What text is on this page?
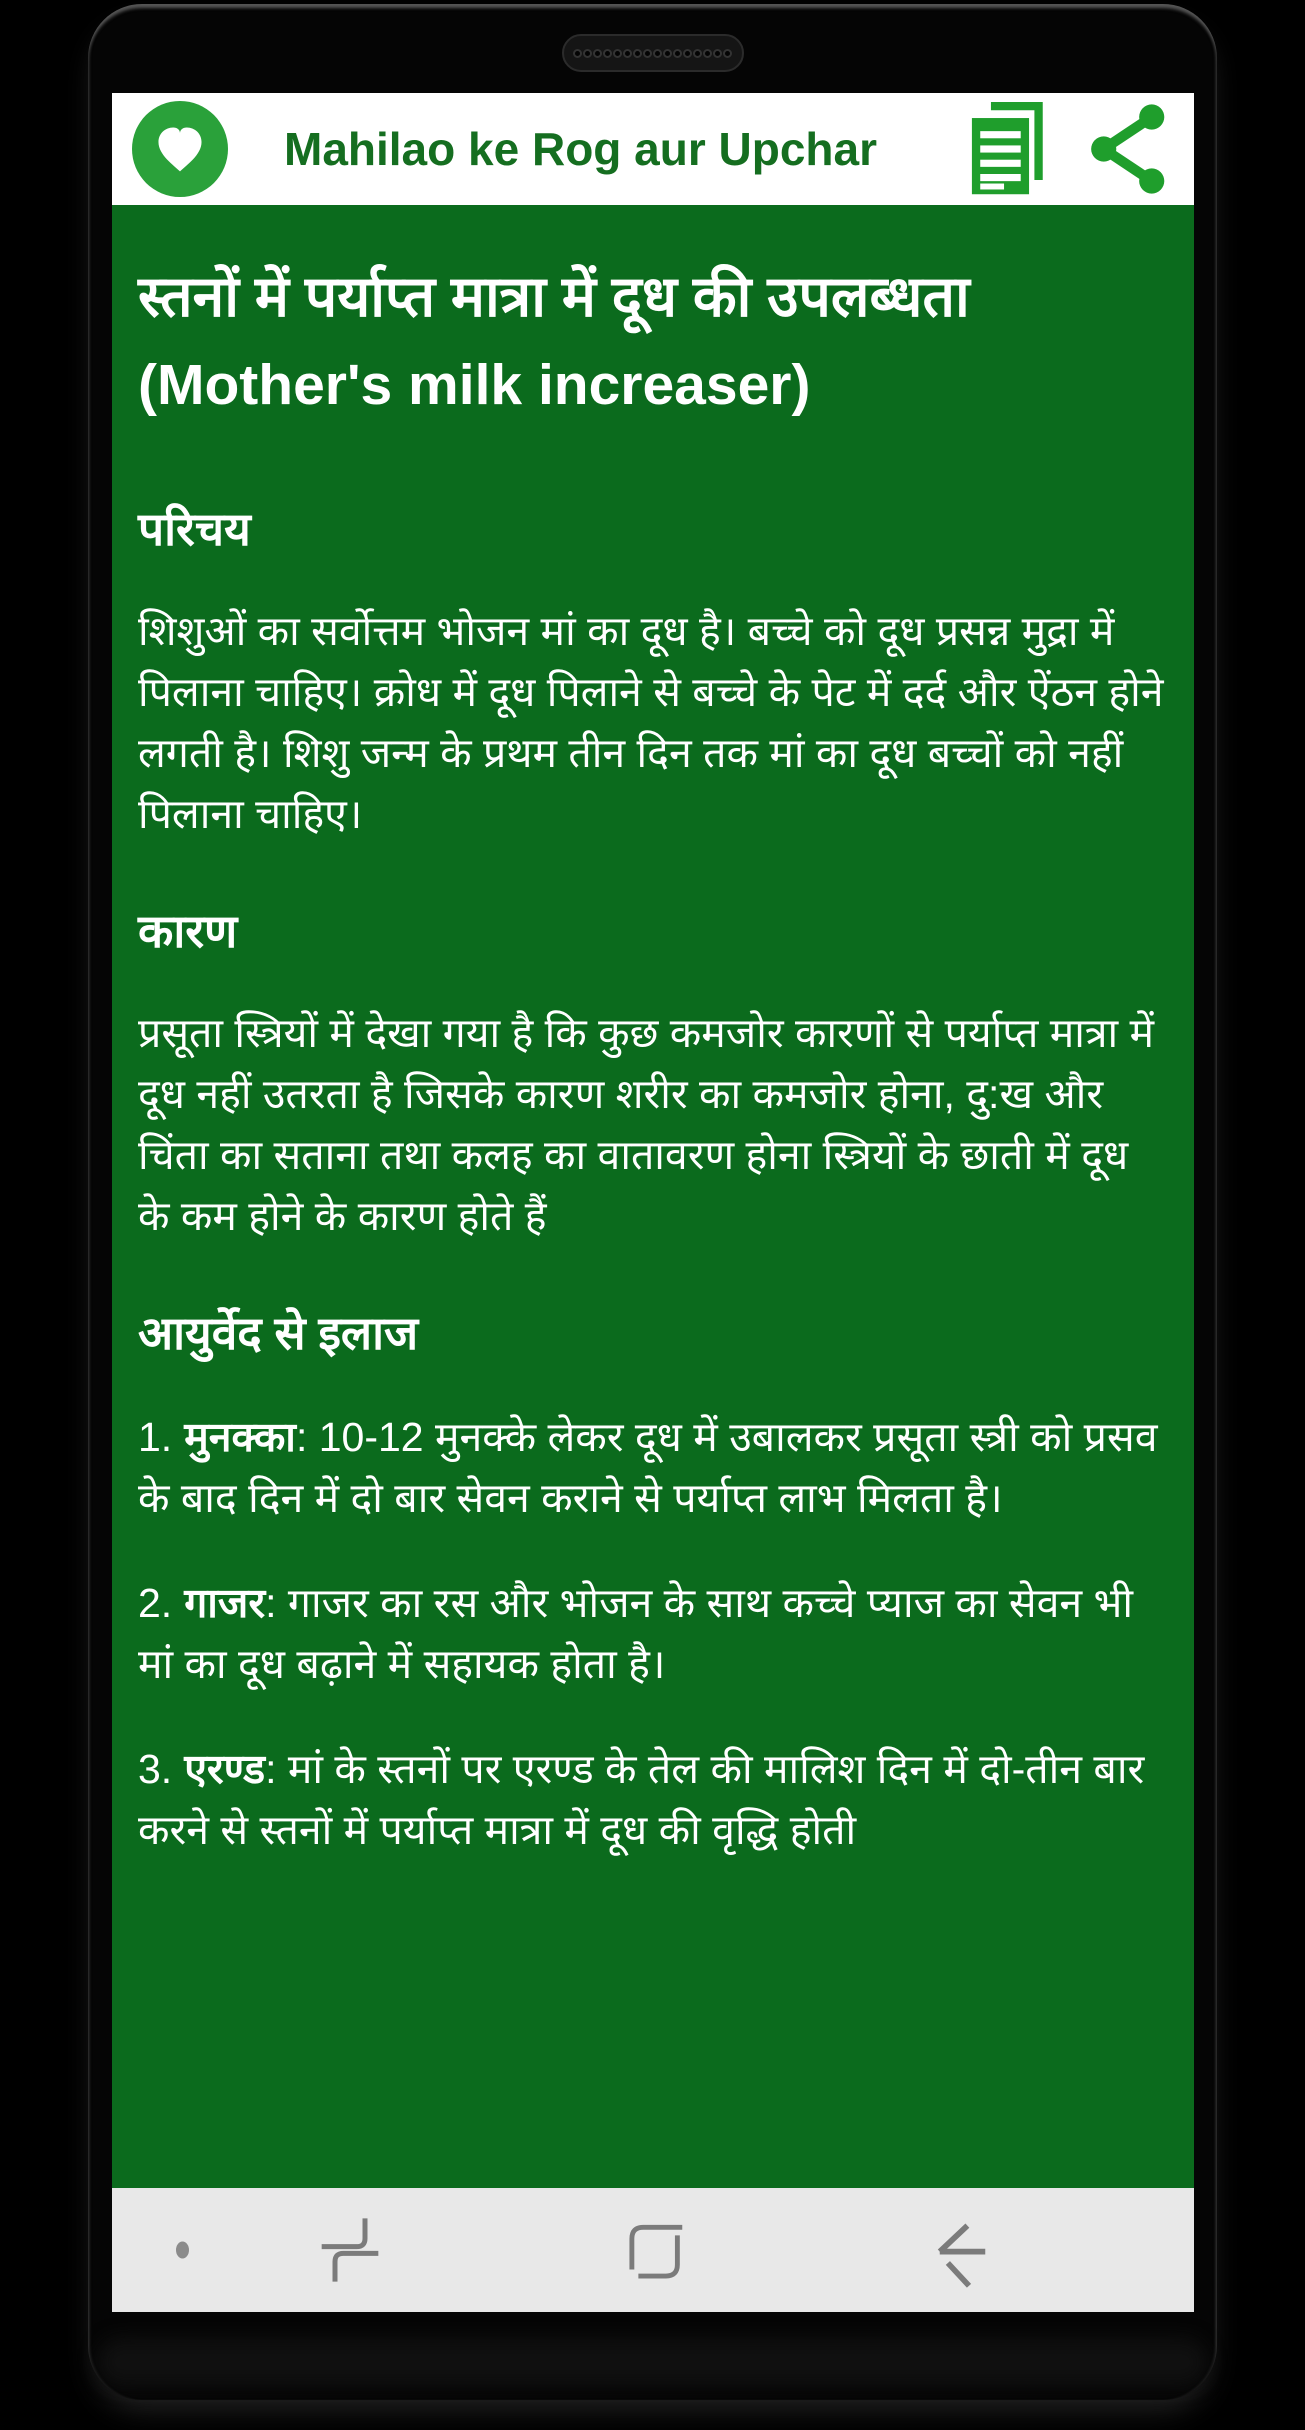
Mahilao ke Rog aur Upchar
स्तनों में पर्याप्त मात्रा में दूध की उपलब्धता (Mother's milk increaser)
परिचय

शिशुओं का सर्वोत्तम भोजन मां का दूध है। बच्चे को दूध प्रसन्न मुद्रा में पिलाना चाहिए। क्रोध में दूध पिलाने से बच्चे के पेट में दर्द और ऐंठन होने लगती है। शिशु जन्म के प्रथम तीन दिन तक मां का दूध बच्चों को नहीं पिलाना चाहिए।

कारण

प्रसूता स्त्रियों में देखा गया है कि कुछ कमजोर कारणों से पर्याप्त मात्रा में दूध नहीं उतरता है जिसके कारण शरीर का कमजोर होना, दु:ख और चिंता का सताना तथा कलह का वातावरण होना स्त्रियों के छाती में दूध के कम होने के कारण होते हैं

आयुर्वेद से इलाज

1. मुनक्का: 10-12 मुनक्के लेकर दूध में उबालकर प्रसूता स्त्री को प्रसव के बाद दिन में दो बार सेवन कराने से पर्याप्त लाभ मिलता है।

2. गाजर: गाजर का रस और भोजन के साथ कच्चे प्याज का सेवन भी मां का दूध बढ़ाने में सहायक होता है।

3. एरण्ड: मां के स्तनों पर एरण्ड के तेल की मालिश दिन में दो-तीन बार करने से स्तनों में पर्याप्त मात्रा में दूध की वृद्धि होती
